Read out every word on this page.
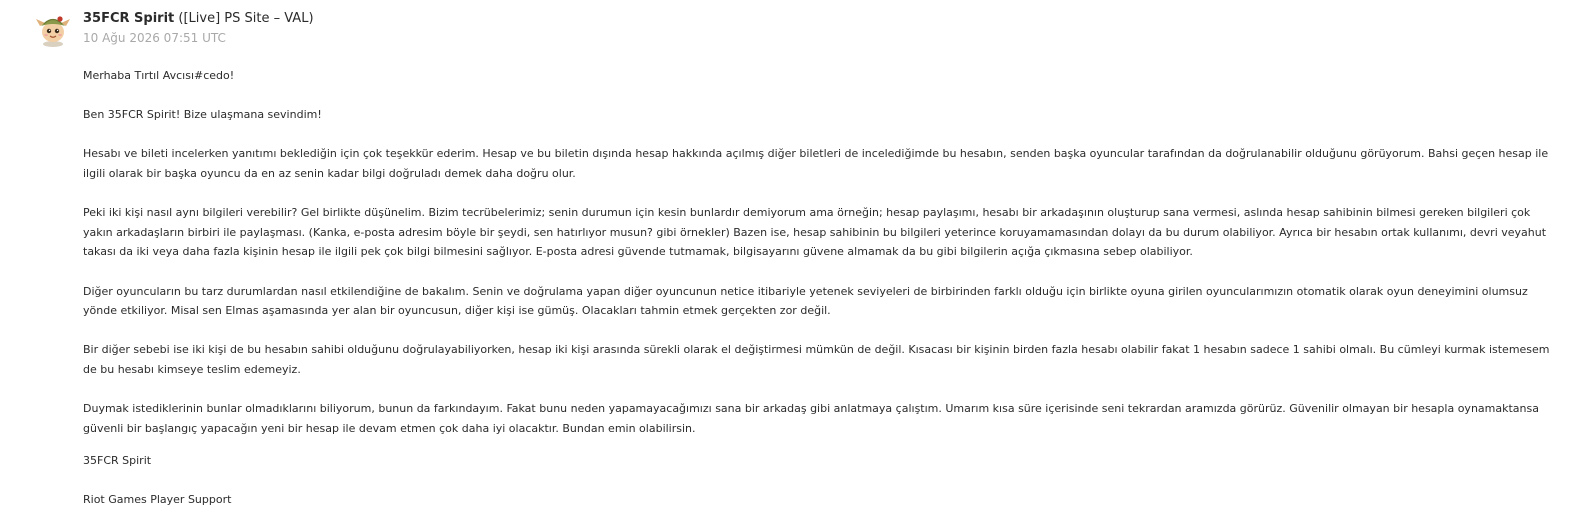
35FCR Spirit ([Live] PS Site – VAL)
10 Ağu 2026 07:51 UTC

Merhaba Tırtıl Avcısı#cedo!

Ben 35FCR Spirit! Bize ulaşmana sevindim!

Hesabı ve bileti incelerken yanıtımı beklediğin için çok teşekkür ederim. Hesap ve bu biletin dışında hesap hakkında açılmış diğer biletleri de incelediğimde bu hesabın, senden başka oyuncular tarafından da doğrulanabilir olduğunu görüyorum. Bahsi geçen hesap ile ilgili olarak bir başka oyuncu da en az senin kadar bilgi doğruladı demek daha doğru olur.

Peki iki kişi nasıl aynı bilgileri verebilir? Gel birlikte düşünelim. Bizim tecrübelerimiz; senin durumun için kesin bunlardır demiyorum ama örneğin; hesap paylaşımı, hesabı bir arkadaşının oluşturup sana vermesi, aslında hesap sahibinin bilmesi gereken bilgileri çok yakın arkadaşların birbiri ile paylaşması. (Kanka, e-posta adresim böyle bir şeydi, sen hatırlıyor musun? gibi örnekler) Bazen ise, hesap sahibinin bu bilgileri yeterince koruyamamasından dolayı da bu durum olabiliyor. Ayrıca bir hesabın ortak kullanımı, devri veyahut takası da iki veya daha fazla kişinin hesap ile ilgili pek çok bilgi bilmesini sağlıyor. E-posta adresi güvende tutmamak, bilgisayarını güvene almamak da bu gibi bilgilerin açığa çıkmasına sebep olabiliyor.

Diğer oyuncuların bu tarz durumlardan nasıl etkilendiğine de bakalım. Senin ve doğrulama yapan diğer oyuncunun netice itibariyle yetenek seviyeleri de birbirinden farklı olduğu için birlikte oyuna girilen oyuncularımızın otomatik olarak oyun deneyimini olumsuz yönde etkiliyor. Misal sen Elmas aşamasında yer alan bir oyuncusun, diğer kişi ise gümüş. Olacakları tahmin etmek gerçekten zor değil.

Bir diğer sebebi ise iki kişi de bu hesabın sahibi olduğunu doğrulayabiliyorken, hesap iki kişi arasında sürekli olarak el değiştirmesi mümkün de değil. Kısacası bir kişinin birden fazla hesabı olabilir fakat 1 hesabın sadece 1 sahibi olmalı. Bu cümleyi kurmak istemesem de bu hesabı kimseye teslim edemeyiz.

Duymak istediklerinin bunlar olmadıklarını biliyorum, bunun da farkındayım. Fakat bunu neden yapamayacağımızı sana bir arkadaş gibi anlatmaya çalıştım. Umarım kısa süre içerisinde seni tekrardan aramızda görürüz. Güvenilir olmayan bir hesapla oynamaktansa güvenli bir başlangıç yapacağın yeni bir hesap ile devam etmen çok daha iyi olacaktır. Bundan emin olabilirsin.

35FCR Spirit

Riot Games Player Support
